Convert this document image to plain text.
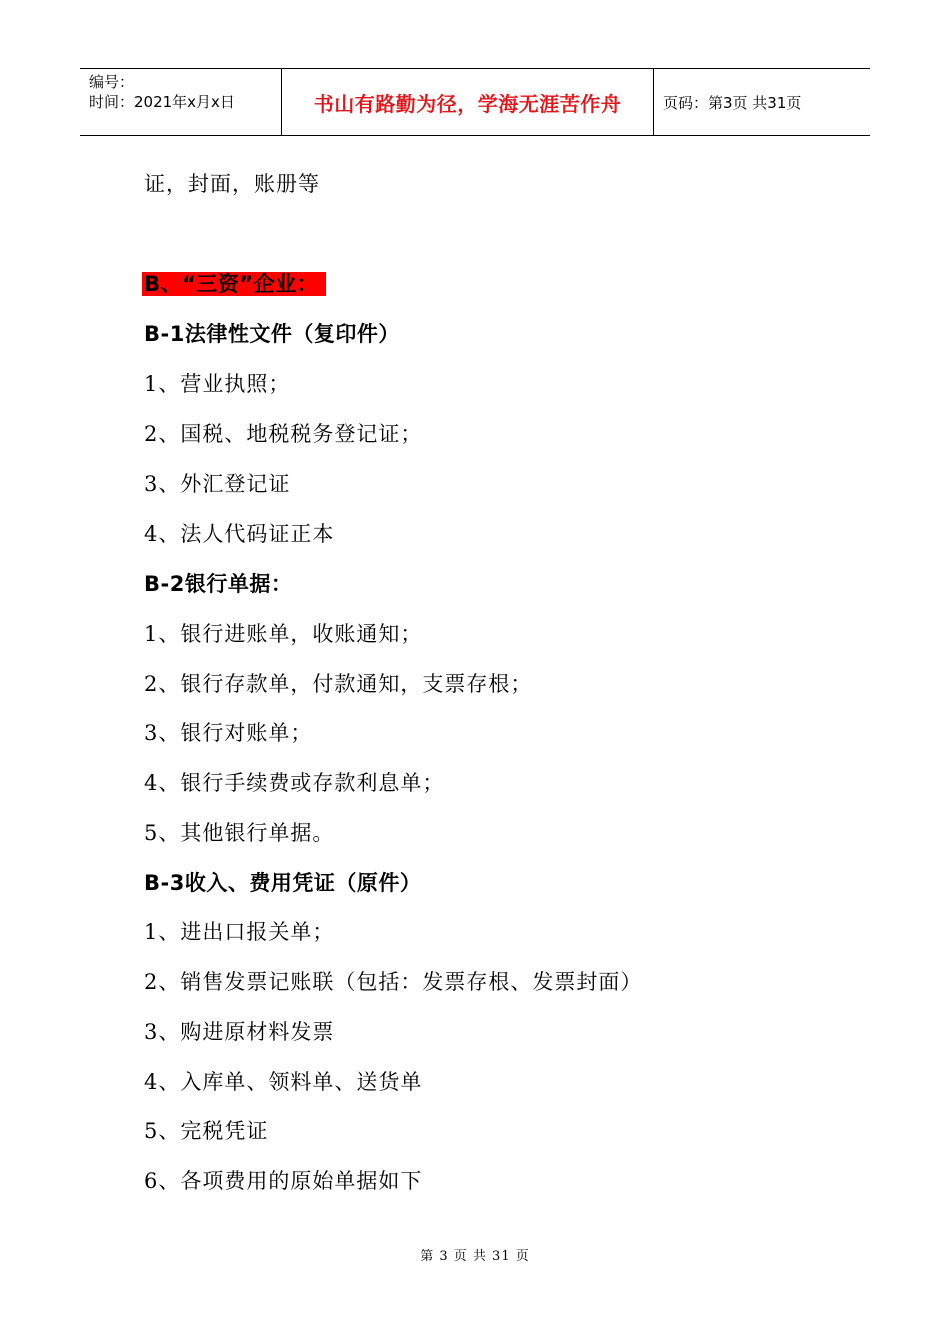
编号：
时间：2021年x月x日	书山有路勤为径，学海无涯苦作舟	页码：第3页 共31页
证，封面，账册等
B、“三资”企业：
B-1法律性文件（复印件）
1、营业执照；
2、国税、地税税务登记证；
3、外汇登记证
4、法人代码证正本
B-2银行单据：
1、银行进账单，收账通知；
2、银行存款单，付款通知，支票存根；
3、银行对账单；
4、银行手续费或存款利息单；
5、其他银行单据。
B-3收入、费用凭证（原件）
1、进出口报关单；
2、销售发票记账联（包括：发票存根、发票封面）
3、购进原材料发票
4、入库单、领料单、送货单
5、完税凭证
6、各项费用的原始单据如下
第 3 页 共 31 页
